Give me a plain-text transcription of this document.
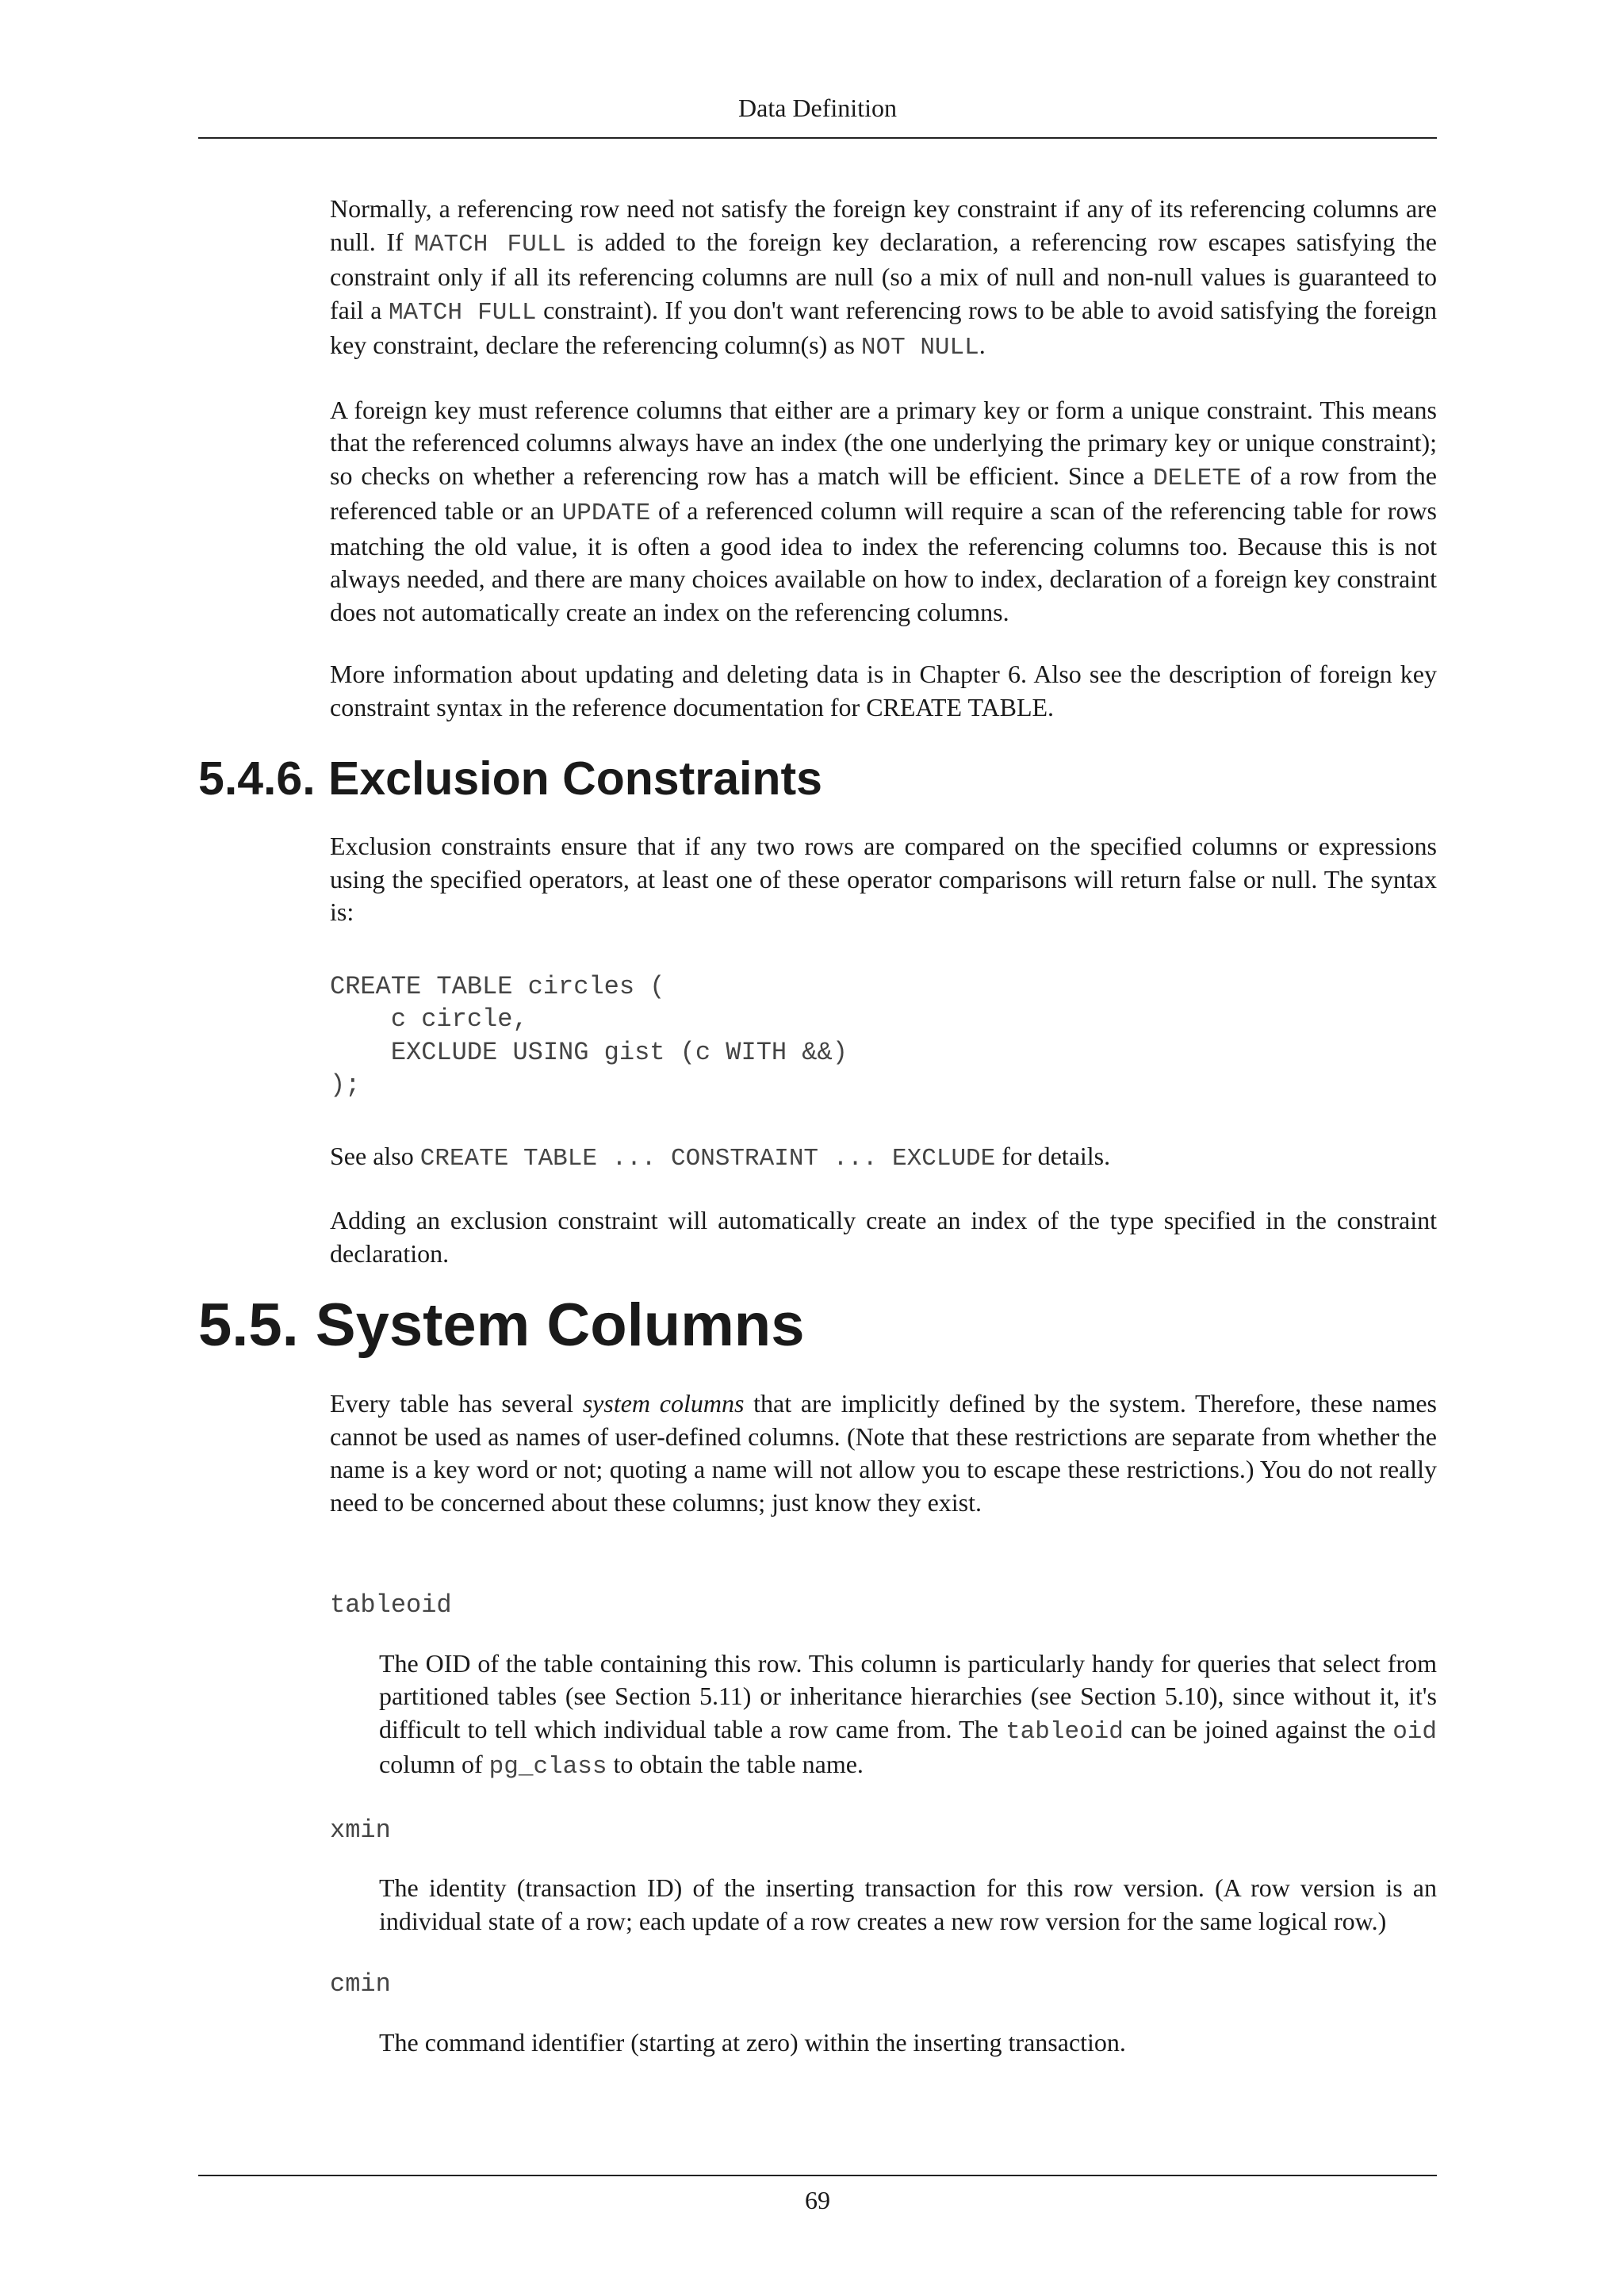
Data Definition

Normally, a referencing row need not satisfy the foreign key constraint if any of its referencing columns are null. If MATCH FULL is added to the foreign key declaration, a referencing row escapes satisfying the constraint only if all its referencing columns are null (so a mix of null and non-null values is guaranteed to fail a MATCH FULL constraint). If you don't want referencing rows to be able to avoid satisfying the foreign key constraint, declare the referencing column(s) as NOT NULL.

A foreign key must reference columns that either are a primary key or form a unique constraint. This means that the referenced columns always have an index (the one underlying the primary key or unique constraint); so checks on whether a referencing row has a match will be efficient. Since a DELETE of a row from the referenced table or an UPDATE of a referenced column will require a scan of the referencing table for rows matching the old value, it is often a good idea to index the referencing columns too. Because this is not always needed, and there are many choices available on how to index, declaration of a foreign key constraint does not automatically create an index on the referencing columns.

More information about updating and deleting data is in Chapter 6. Also see the description of foreign key constraint syntax in the reference documentation for CREATE TABLE.

5.4.6. Exclusion Constraints

Exclusion constraints ensure that if any two rows are compared on the specified columns or expressions using the specified operators, at least one of these operator comparisons will return false or null. The syntax is:

CREATE TABLE circles (
c circle,
EXCLUDE USING gist (c WITH &&)
);

See also CREATE TABLE ... CONSTRAINT ... EXCLUDE for details.

Adding an exclusion constraint will automatically create an index of the type specified in the constraint declaration.

5.5. System Columns

Every table has several system columns that are implicitly defined by the system. Therefore, these names cannot be used as names of user-defined columns. (Note that these restrictions are separate from whether the name is a key word or not; quoting a name will not allow you to escape these restrictions.) You do not really need to be concerned about these columns; just know they exist.

tableoid

The OID of the table containing this row. This column is particularly handy for queries that select from partitioned tables (see Section 5.11) or inheritance hierarchies (see Section 5.10), since without it, it's difficult to tell which individual table a row came from. The tableoid can be joined against the oid column of pg_class to obtain the table name.

xmin

The identity (transaction ID) of the inserting transaction for this row version. (A row version is an individual state of a row; each update of a row creates a new row version for the same logical row.)

cmin

The command identifier (starting at zero) within the inserting transaction.

69
